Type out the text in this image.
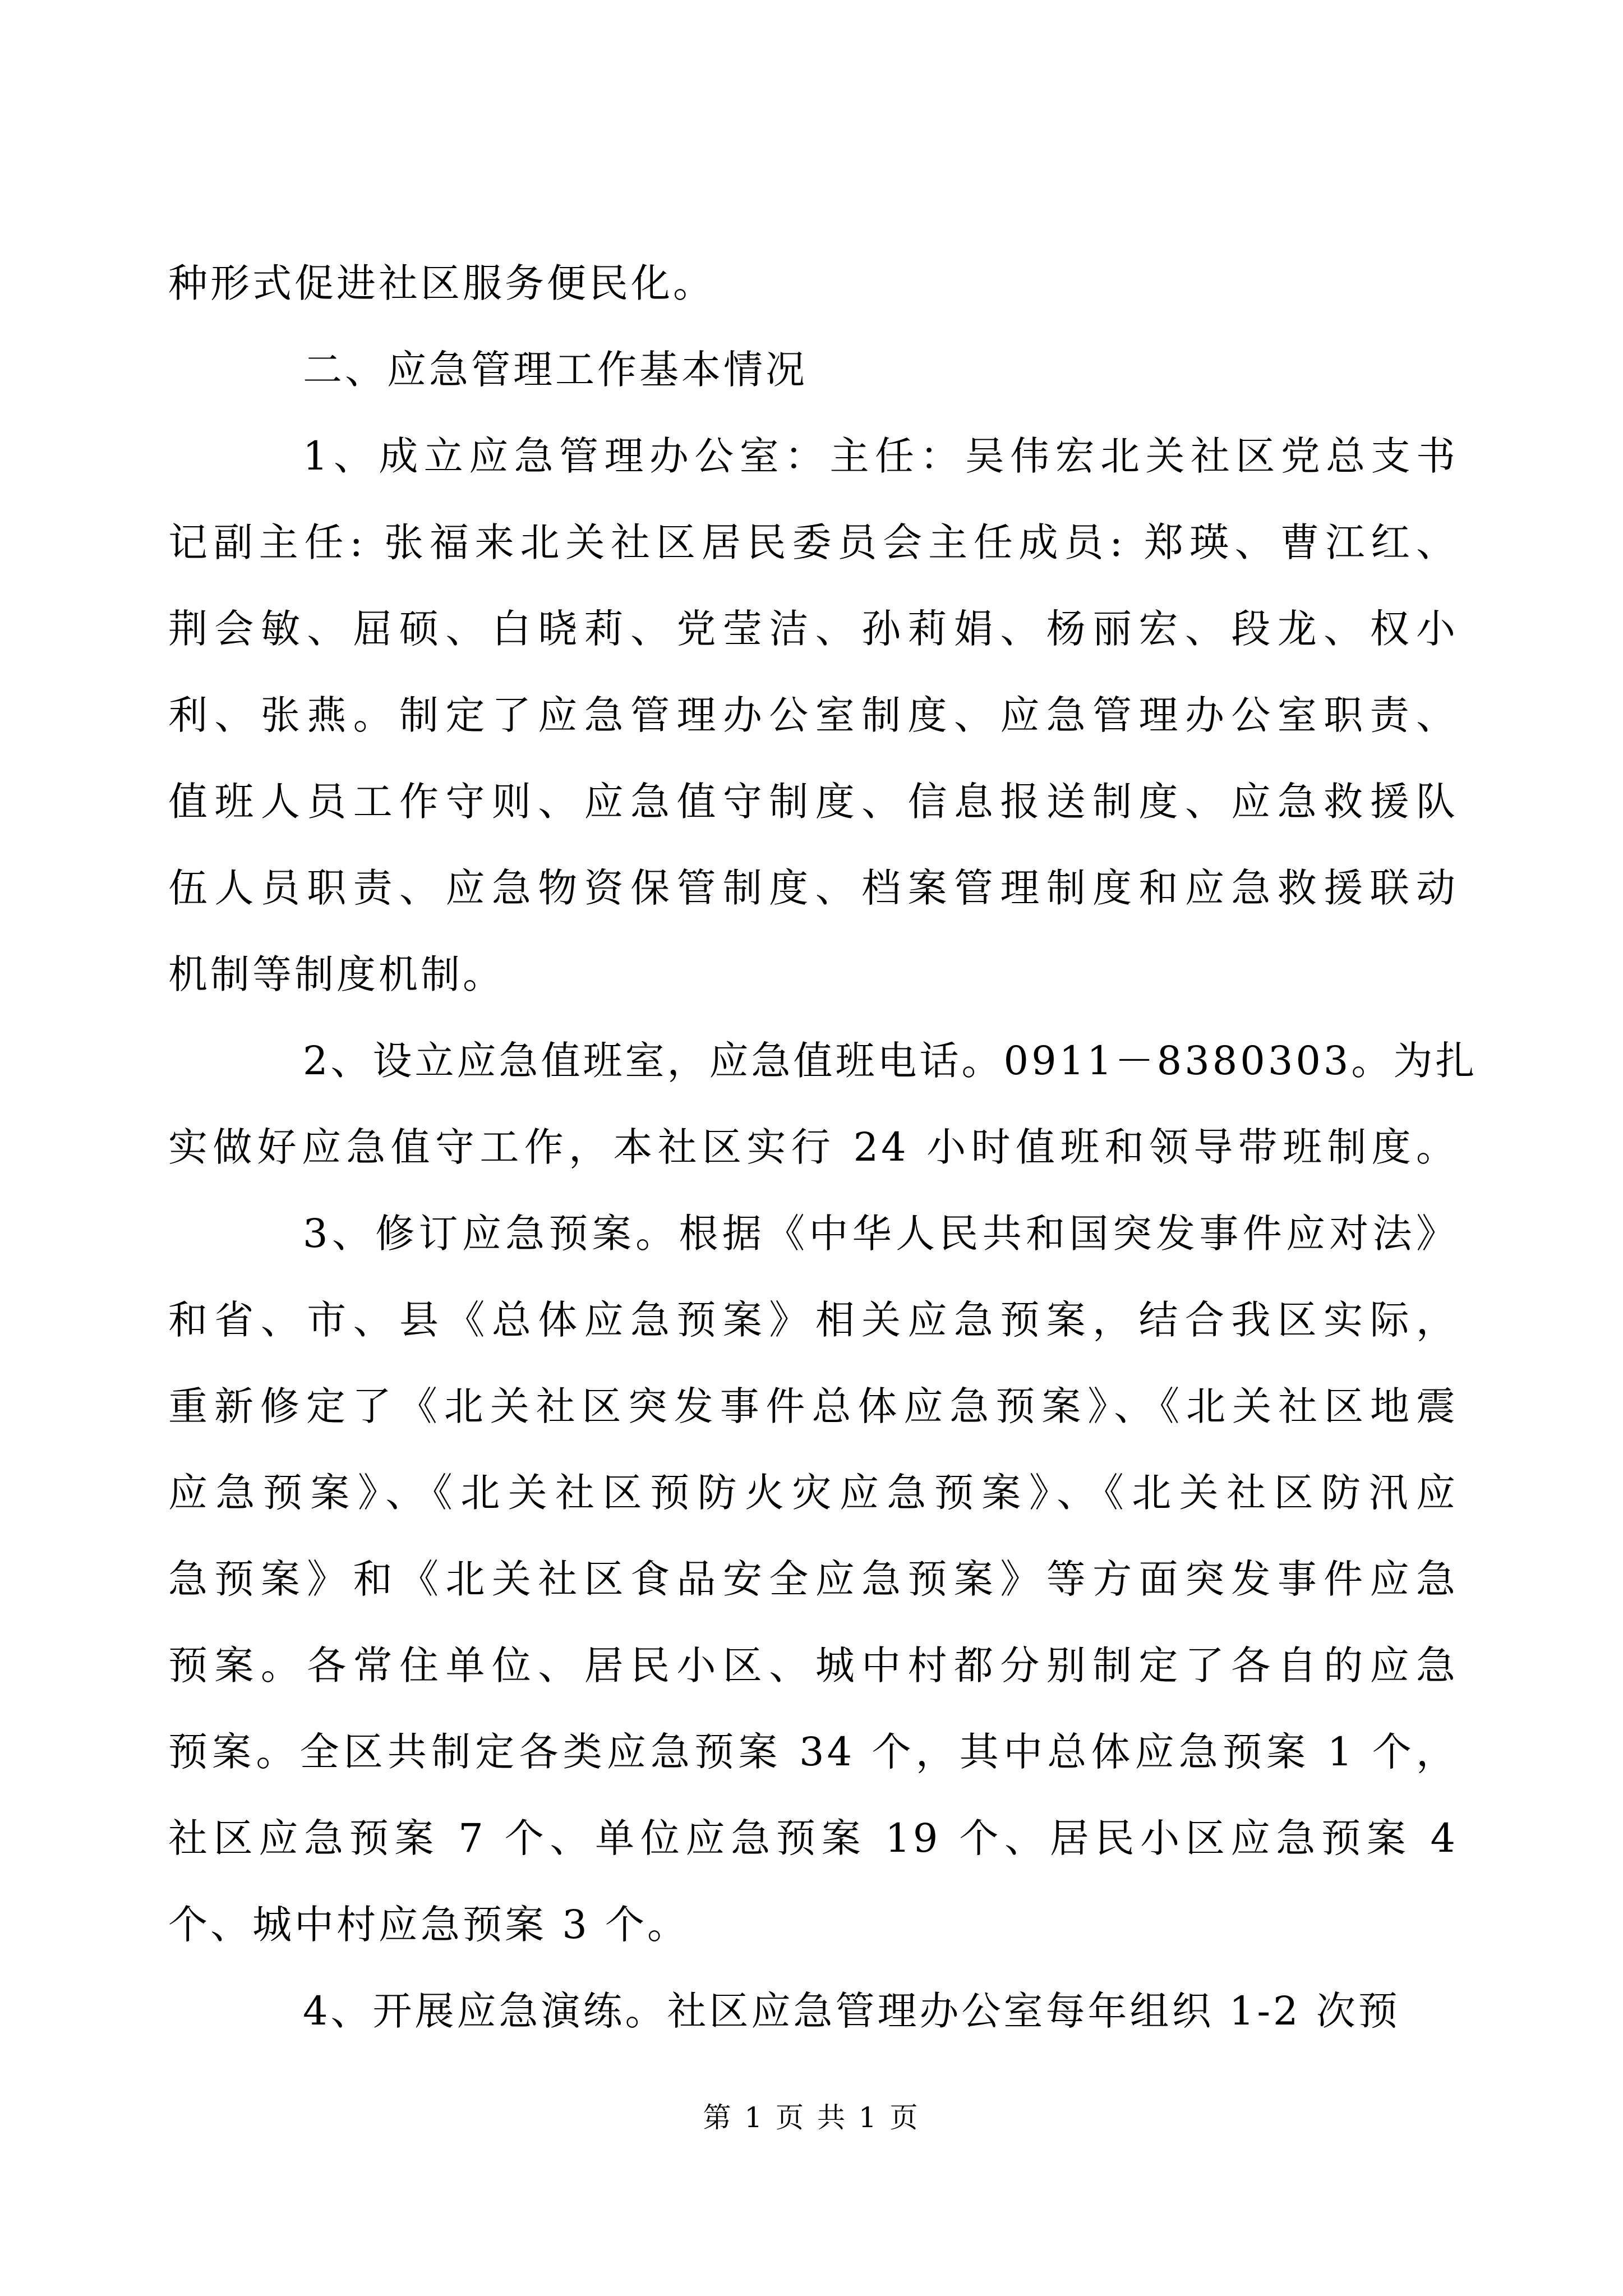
种形式促进社区服务便民化。
二、应急管理工作基本情况
1、成立应急管理办公室：主任：吴伟宏北关社区党总支书
记副主任: 张福来北关社区居民委员会主任成员: 郑瑛、曹江红、
荆会敏、屈硕、白晓莉、党莹洁、孙莉娟、杨丽宏、段龙、权小
利、张燕。制定了应急管理办公室制度、应急管理办公室职责、
值班人员工作守则、应急值守制度、信息报送制度、应急救援队
伍人员职责、应急物资保管制度、档案管理制度和应急救援联动
机制等制度机制。
2、设立应急值班室，应急值班电话。0911－8380303。为扎
实做好应急值守工作，本社区实行 24 小时值班和领导带班制度。
3、修订应急预案。根据《中华人民共和国突发事件应对法》
和省、市、县《总体应急预案》相关应急预案，结合我区实际，
重新修定了《北关社区突发事件总体应急预案》、《北关社区地震
应急预案》、《北关社区预防火灾应急预案》、《北关社区防汛应
急预案》和《北关社区食品安全应急预案》等方面突发事件应急
预案。各常住单位、居民小区、城中村都分别制定了各自的应急
预案。全区共制定各类应急预案 34 个，其中总体应急预案 1 个，
社区应急预案 7 个、单位应急预案 19 个、居民小区应急预案 4
个、城中村应急预案 3 个。
4、开展应急演练。社区应急管理办公室每年组织 1-2 次预
第 1 页 共 1 页
